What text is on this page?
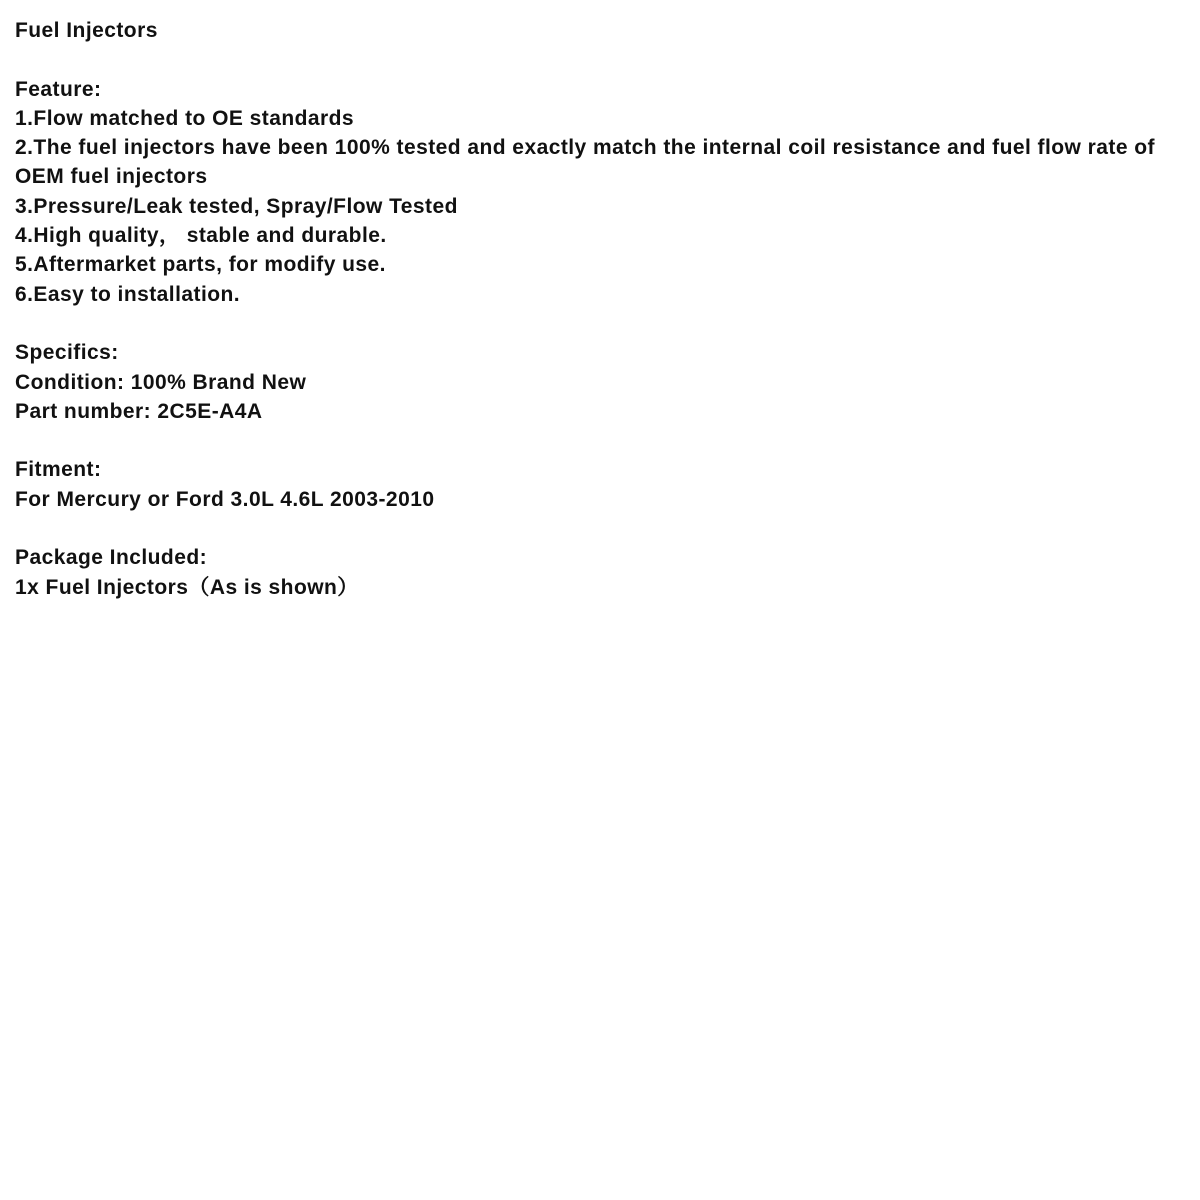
Fuel Injectors

Feature:

1.Flow matched to OE standards

2.The fuel injectors have been 100% tested and exactly match the internal coil resistance and fuel flow rate of OEM fuel injectors

3.Pressure/Leak tested, Spray/Flow Tested

4.High quality， stable and durable.

5.Aftermarket parts, for modify use.

6.Easy to installation.

Specifics:

Condition: 100% Brand New

Part number: 2C5E-A4A

Fitment:

For Mercury or Ford 3.0L 4.6L 2003-2010

Package Included:

1x Fuel Injectors（As is shown）
